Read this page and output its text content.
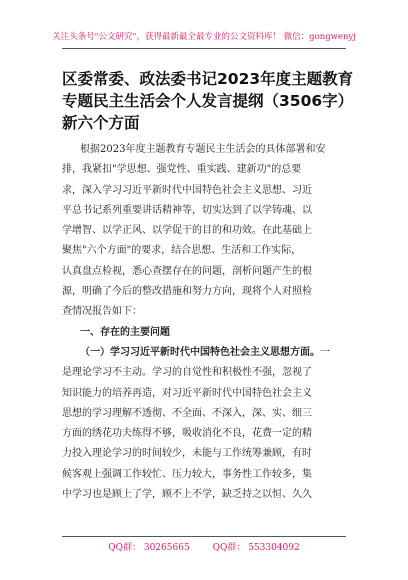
关注头条号"公文研究"，获得最新最全最专业的公文资料库！ 微信：gongwenyj
区委常委、政法委书记2023年度主题教育
专题民主生活会个人发言提纲（3506字）
新六个方面
根据2023年度主题教育专题民主生活会的具体部署和安
排，我紧扣"学思想、强党性、重实践、建新功"的总要
求，深入学习习近平新时代中国特色社会主义思想、习近
平总书记系列重要讲话精神等，切实达到了以学铸魂、以
学增智、以学正风、以学促干的目的和功效。在此基础上
聚焦"六个方面"的要求，结合思想、生活和工作实际，
认真盘点检视，悉心查摆存在的问题，剖析问题产生的根
源，明确了今后的整改措施和努力方向，现将个人对照检
查情况报告如下：
一、存在的主要问题
（一）学习习近平新时代中国特色社会主义思想方面。一
是理论学习不主动。学习的自觉性和积极性不强，忽视了
知识能力的培养再造，对习近平新时代中国特色社会主义
思想的学习理解不透彻、不全面、不深入，深、实、细三
方面的绣花功夫练得不够，吸收消化不良，花费一定的精
力投入理论学习的时间较少，未能与工作统筹兼顾，有时
候客观上强调工作较忙、压力较大，事务性工作较多，集
中学习也是顾上了学，顾不上不学，缺乏持之以恒、久久
QQ群： 30265665	QQ群： 553304092
